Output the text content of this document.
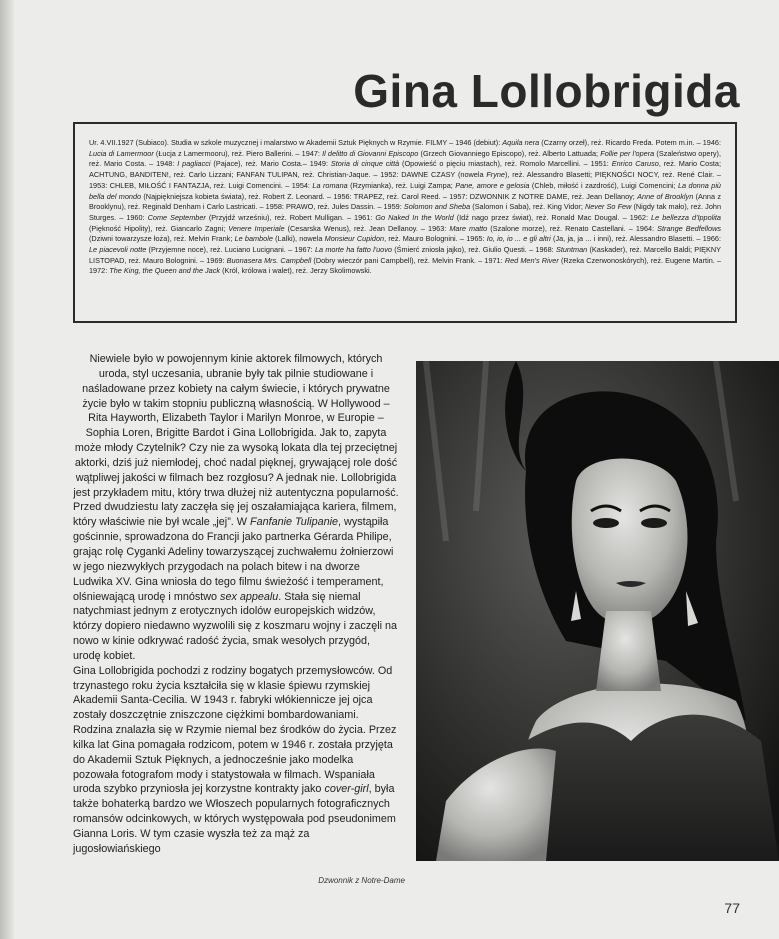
Gina Lollobrigida
Ur. 4.VII.1927 (Subiaco). Studia w szkole muzycznej i malarstwo w Akademii Sztuk Pięknych w Rzymie. FILMY – 1946 (debiut): Aquila nera (Czarny orzeł), reż. Ricardo Freda. Potem m.in. – 1946: Lucia di Lamermoor (Łucja z Lamermooru), reż. Piero Ballerini. – 1947: Il delitto di Giovanni Episcopo (Grzech Giovanniego Episcopo), reż. Alberto Lattuada; Follie per l'opera (Szaleństwo opery), reż. Mario Costa. – 1948: I pagliacci (Pajace), reż. Mario Costa.– 1949: Storia di cinque città (Opowieść o pięciu miastach), reż. Romolo Marcellini. – 1951: Enrico Caruso, reż. Mario Costa; ACHTUNG, BANDITEN!, reż. Carlo Lizzani; FANFAN TULIPAN, reż. Christian-Jaque. – 1952: DAWNE CZASY (nowela Fryne), reż. Alessandro Blasetti; PIĘKNOŚCI NOCY, reż. René Clair. – 1953: CHLEB, MIŁOŚĆ I FANTAZJA, reż. Luigi Comencini. – 1954: La romana (Rzymianka), reż. Luigi Zampa; Pane, amore e gelosia (Chleb, miłość i zazdrość), Luigi Comencini; La donna più bella del mondo (Najpiękniejsza kobieta świata), reż. Robert Z. Leonard. – 1956: TRAPEZ, reż. Carol Reed. – 1957: DZWONNIK Z NOTRE DAME, reż. Jean Dellanoy; Anne of Brooklyn (Anna z Brooklynu), reż. Reginald Denham i Carlo Lastricati. – 1958: PRAWO, reż. Jules Dassin. – 1959: Solomon and Sheba (Salomon i Saba), reż. King Vidor; Never So Few (Nigdy tak mało), reż. John Sturges. – 1960: Come September (Przyjdź wrześniu), reż. Robert Mulligan. – 1961: Go Naked In the World (Idź nago przez świat), reż. Ronald Mac Dougal. – 1962: Le bellezza d'Ippolita (Piękność Hipolity), reż. Giancarlo Zagni; Venere Imperiale (Cesarska Wenus), reż. Jean Dellanoy. – 1963: Mare matto (Szalone morze), reż. Renato Castellani. – 1964: Strange Bedfellows (Dziwni towarzysze łoża), reż. Melvin Frank; Le bambole (Lalki), nowela Monsieur Cupidon, reż. Mauro Bolognini. – 1965: Io, io, io ... e gli altri (Ja, ja, ja ... i inni), reż. Alessandro Blasetti. – 1966: Le piacevoli notte (Przyjemne noce), reż. Luciano Lucignani. – 1967: La morte ha fatto l'uovo (Śmierć zniosła jajko), reż. Giulio Questi. – 1968: Stuntman (Kaskader), reż. Marcello Baldi; PIĘKNY LISTOPAD, reż. Mauro Bolognini. – 1969: Buonasera Mrs. Campbell (Dobry wieczór pani Campbell), reż. Melvin Frank. – 1971: Red Men's River (Rzeka Czerwonoskórych), reż. Eugene Martin. – 1972: The King, the Queen and the Jack (Król, królowa i walet), reż. Jerzy Skolimowski.

Niewiele było w powojennym kinie aktorek filmowych, których uroda, styl uczesania, ubranie były tak pilnie studiowane i naśladowane przez kobiety na całym świecie, i których prywatne życie było w takim stopniu publiczną własnością. W Hollywood – Rita Hayworth, Elizabeth Taylor i Marilyn Monroe, w Europie – Sophia Loren, Brigitte Bardot i Gina Lollobrigida. Jak to, zapyta może młody Czytelnik? Czy nie za wysoką lokata dla tej przeciętnej aktorki, dziś już niemłodej, choć nadal pięknej, grywającej role dość wątpliwej jakości w filmach bez rozgłosu? A jednak nie. Lollobrigida jest przykładem mitu, który trwa dłużej niż autentyczna popularność.

Przed dwudziestu laty zaczęła się jej oszałamiająca kariera, filmem, który właściwie nie był wcale „jej”. W Fanfanie Tulipanie, wystąpiła gościnnie, sprowadzona do Francji jako partnerka Gérarda Philipe, grając rolę Cyganki Adeliny towarzyszącej zuchwałemu żołnierzowi w jego niezwykłych przygodach na polach bitew i na dworze Ludwika XV. Gina wniosła do tego filmu świeżość i temperament, olśniewającą urodę i mnóstwo sex appealu. Stała się niemal natychmiast jednym z erotycznych idolów europejskich widzów, którzy dopiero niedawno wyzwolili się z koszmaru wojny i zaczęli na nowo w kinie odkrywać radość życia, smak wesołych przygód, urodę kobiet.

Gina Lollobrigida pochodzi z rodziny bogatych przemysłowców. Od trzynastego roku życia kształciła się w klasie śpiewu rzymskiej Akademii Santa-Cecilia. W 1943 r. fabryki włókiennicze jej ojca zostały doszczętnie zniszczone ciężkimi bombardowaniami. Rodzina znalazła się w Rzymie niemal bez środków do życia. Przez kilka lat Gina pomagała rodzicom, potem w 1946 r. została przyjęta do Akademii Sztuk Pięknych, a jednocześnie jako modelka pozowała fotografom mody i statystowała w filmach. Wspaniała uroda szybko przyniosła jej korzystne kontrakty jako cover-girl, była także bohaterką bardzo we Włoszech popularnych fotograficznych romansów odcinkowych, w których występowała pod pseudonimem Gianna Loris. W tym czasie wyszła też za mąż za jugosłowiańskiego

Dzwonnik z Notre-Dame
77
